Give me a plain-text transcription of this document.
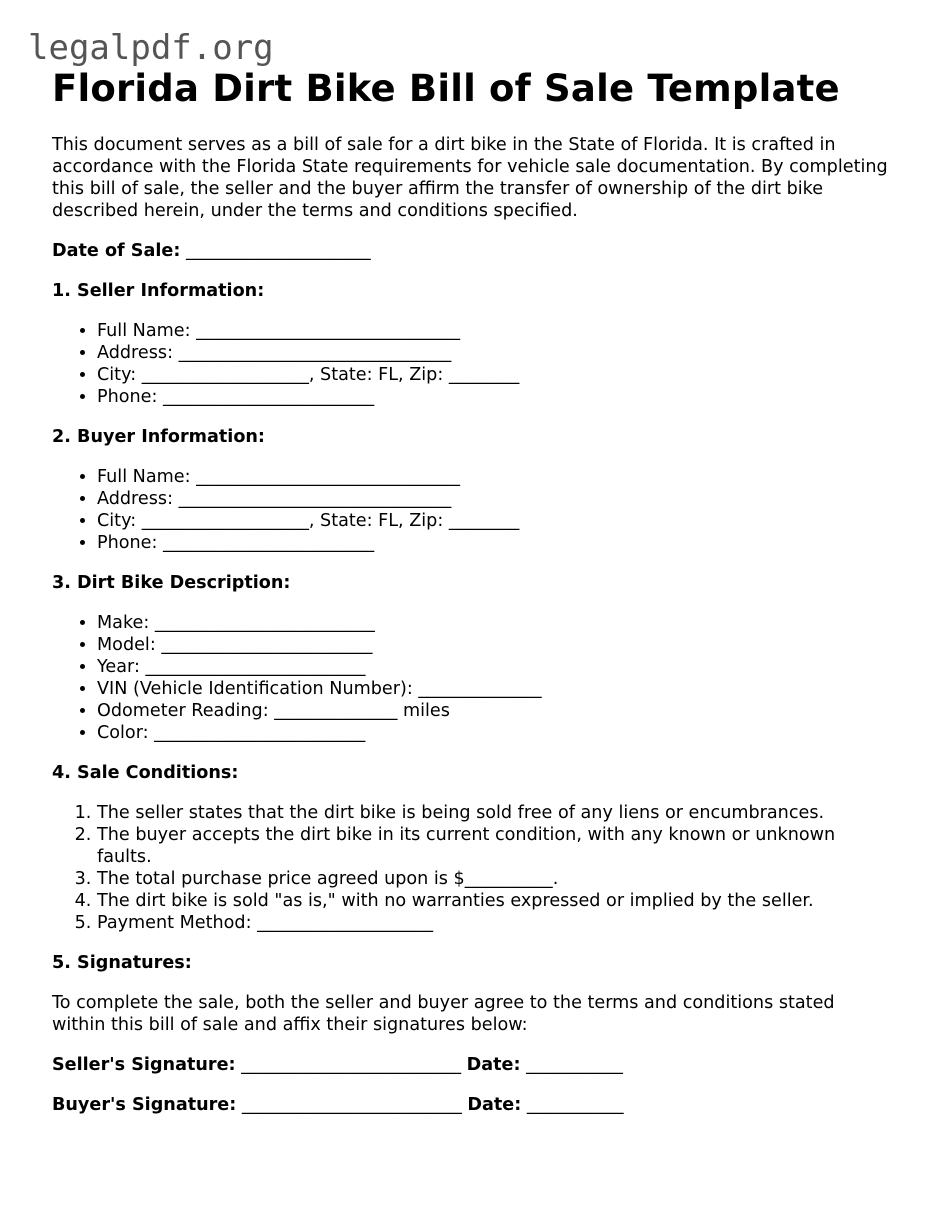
legalpdf.org
Florida Dirt Bike Bill of Sale Template

This document serves as a bill of sale for a dirt bike in the State of Florida. It is crafted in accordance with the Florida State requirements for vehicle sale documentation. By completing this bill of sale, the seller and the buyer affirm the transfer of ownership of the dirt bike described herein, under the terms and conditions specified.

Date of Sale: _____________________

1. Seller Information:

• Full Name: ______________________________
• Address: _______________________________
• City: ___________________, State: FL, Zip: ________
• Phone: ________________________

2. Buyer Information:

• Full Name: ______________________________
• Address: _______________________________
• City: ___________________, State: FL, Zip: ________
• Phone: ________________________

3. Dirt Bike Description:

• Make: _________________________
• Model: ________________________
• Year: _________________________
• VIN (Vehicle Identification Number): ______________
• Odometer Reading: ______________ miles
• Color: ________________________

4. Sale Conditions:

1. The seller states that the dirt bike is being sold free of any liens or encumbrances.
2. The buyer accepts the dirt bike in its current condition, with any known or unknown faults.
3. The total purchase price agreed upon is $__________.
4. The dirt bike is sold "as is," with no warranties expressed or implied by the seller.
5. Payment Method: ____________________

5. Signatures:

To complete the sale, both the seller and buyer agree to the terms and conditions stated within this bill of sale and affix their signatures below:

Seller's Signature: _________________________ Date: ___________

Buyer's Signature: _________________________ Date: ___________
